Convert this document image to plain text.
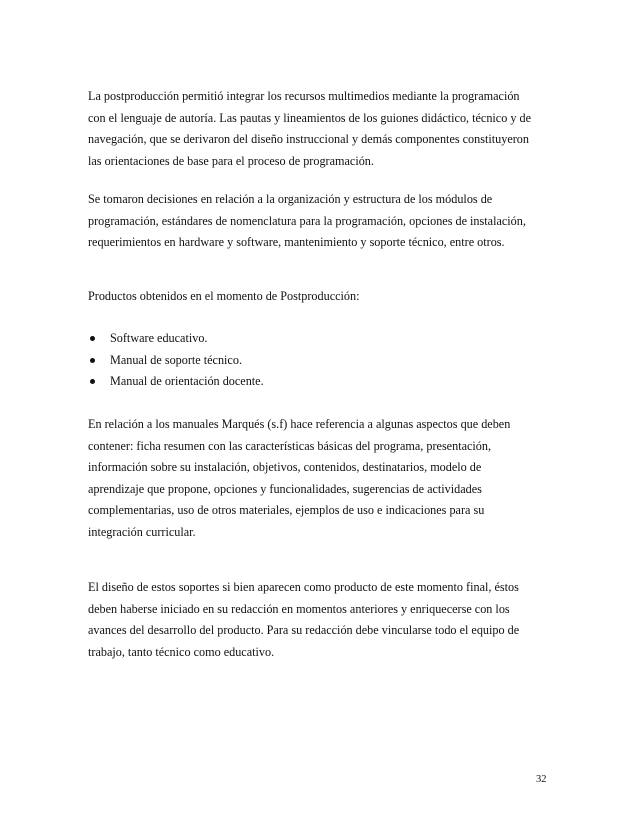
La postproducción permitió integrar los recursos multimedios mediante la programación
con el lenguaje de autoría. Las pautas y lineamientos de los guiones didáctico, técnico y de
navegación, que se derivaron del diseño instruccional y demás componentes constituyeron
las orientaciones de base para el proceso de programación.

Se tomaron decisiones en relación a la organización y estructura de los módulos de
programación, estándares de nomenclatura para la programación, opciones de instalación,
requerimientos en hardware y software, mantenimiento y soporte técnico, entre otros.

Productos obtenidos en el momento de Postproducción:

Software educativo.
Manual de soporte técnico.
Manual de orientación docente.

En relación a los manuales Marqués (s.f) hace referencia a algunas aspectos que deben
contener: ficha resumen con las características básicas del programa, presentación,
información sobre su instalación, objetivos, contenidos, destinatarios, modelo de
aprendizaje que propone, opciones y funcionalidades, sugerencias de actividades
complementarias, uso de otros materiales, ejemplos de uso e indicaciones para su
integración curricular.

El diseño de estos soportes si bien aparecen como producto de este momento final, éstos
deben haberse iniciado en su redacción en momentos anteriores y enriquecerse con los
avances del desarrollo del producto. Para su redacción debe vincularse todo el equipo de
trabajo, tanto técnico como educativo.

32
